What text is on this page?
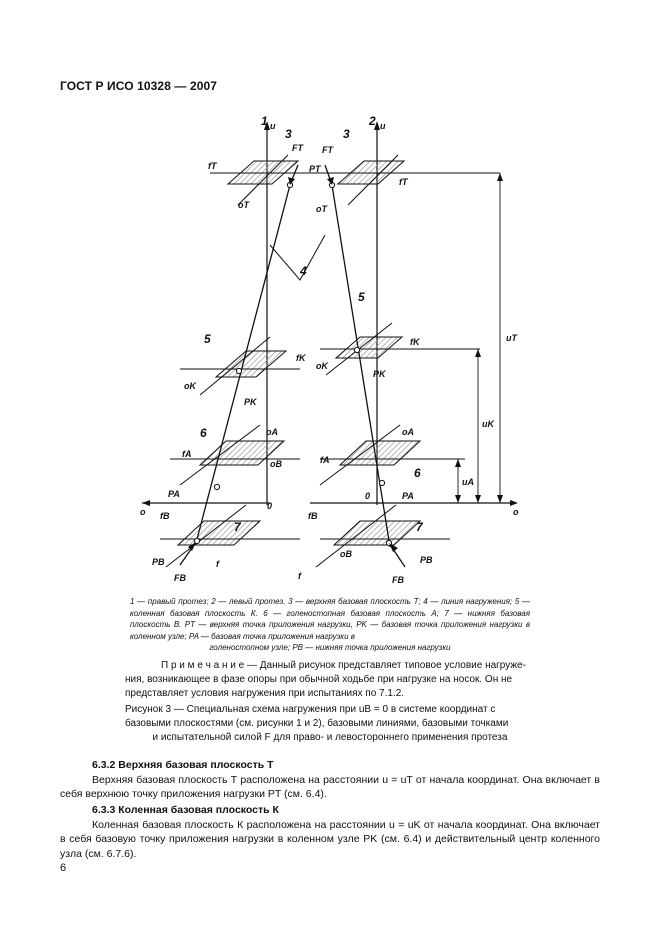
ГОСТ Р ИСО 10328 — 2007
1 u	2 u
3	3
FT FT
PT
fT
fT
oT	oT
4
5
5
fK
fK
oK
oK
PK
PK
6	oA	oA
fA
fA
6
oB
PA	PA
o	o
0
0
fB	fB
7	7
oB
PB	PB
FB	FB
f
f
uT
uK
uA
1 — правый протез; 2 — левый протез. 3 — верхняя базовая плоскость Т; 4 — линия нагружения; 5 — коленная базовая плоскость К. 6 — голеностопная базовая плоскость А; 7 — нижняя базовая плоскость В. PT — верхняя точка приложения нагрузки, PK — базовая точка приложения нагрузки в коленном узле; PA — базовая точка приложения нагрузки в
голеностопном узле; PB — нижняя точка приложения нагрузки
П р и м е ч а н и е — Данный рисунок представляет типовое условие нагруже-
ния, возникающее в фазе опоры при обычной ходьбе при нагрузке на носок. Он не
представляет условия нагружения при испытаниях по 7.1.2.
Рисунок 3 — Специальная схема нагружения при uB = 0 в системе координат с
базовыми плоскостями (см. рисунки 1 и 2), базовыми линиями, базовыми точками
и испытательной силой F для право- и левостороннего применения протеза
6.3.2 Верхняя базовая плоскость Т

Верхняя базовая плоскость Т расположена на расстоянии u = uT от начала координат. Она включает в себя верхнюю точку приложения нагрузки PT (см. 6.4).

6.3.3 Коленная базовая плоскость К

Коленная базовая плоскость К расположена на расстоянии u = uK от начала координат. Она включает в себя базовую точку приложения нагрузки в коленном узле PK (см. 6.4) и действительный центр коленного узла (см. 6.7.6).

6
